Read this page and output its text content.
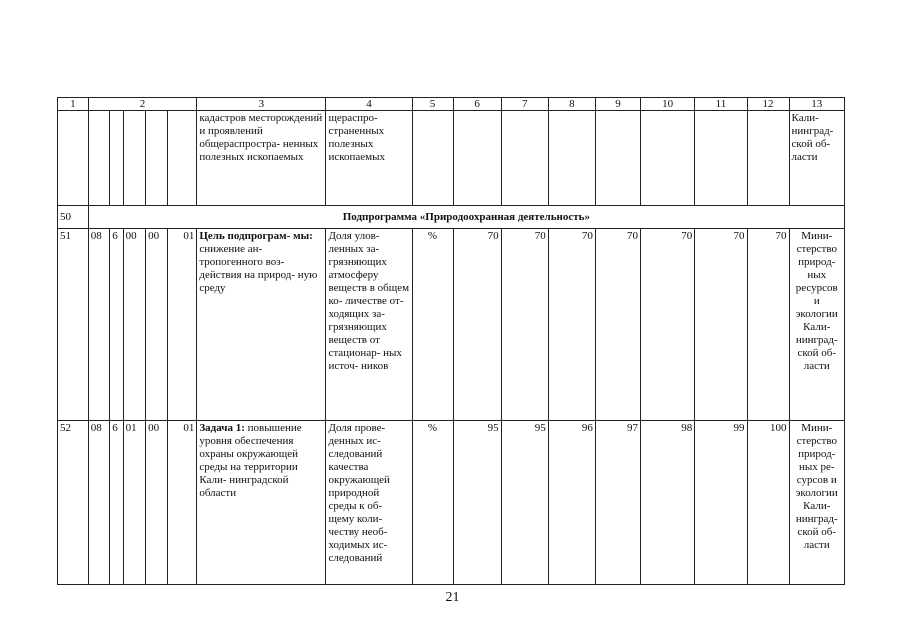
1	2					3	4	5	6	7	8	9	10	11	12	13
						кадастров месторождений и проявлений общераспростра- ненных полезных ископаемых	щераспро- страненных полезных ископаемых									Кали- нинград- ской об- ласти
50	Подпрограмма «Природоохранная деятельность»															
51	08	6	00	00	01	Цель подпрограм- мы: снижение ан- тропогенного воз- действия на природ- ную среду	Доля улов- ленных за- грязняющих атмосферу веществ в общем ко- личестве от- ходящих за- грязняющих веществ от стационар- ных источ- ников	%	70	70	70	70	70	70	70	Мини- стерство природ- ных ресурсов и экологии Кали- нинград- ской об- ласти
52	08	6	01	00	01	Задача 1: повышение уровня обеспечения охраны окружающей среды на территории Кали- нинградской области	Доля прове- денных ис- следований качества окружающей природной среды к об- щему коли- честву необ- ходимых ис- следований	%	95	95	96	97	98	99	100	Мини- стерство природ- ных ре- сурсов и экологии Кали- нинград- ской об- ласти
21
